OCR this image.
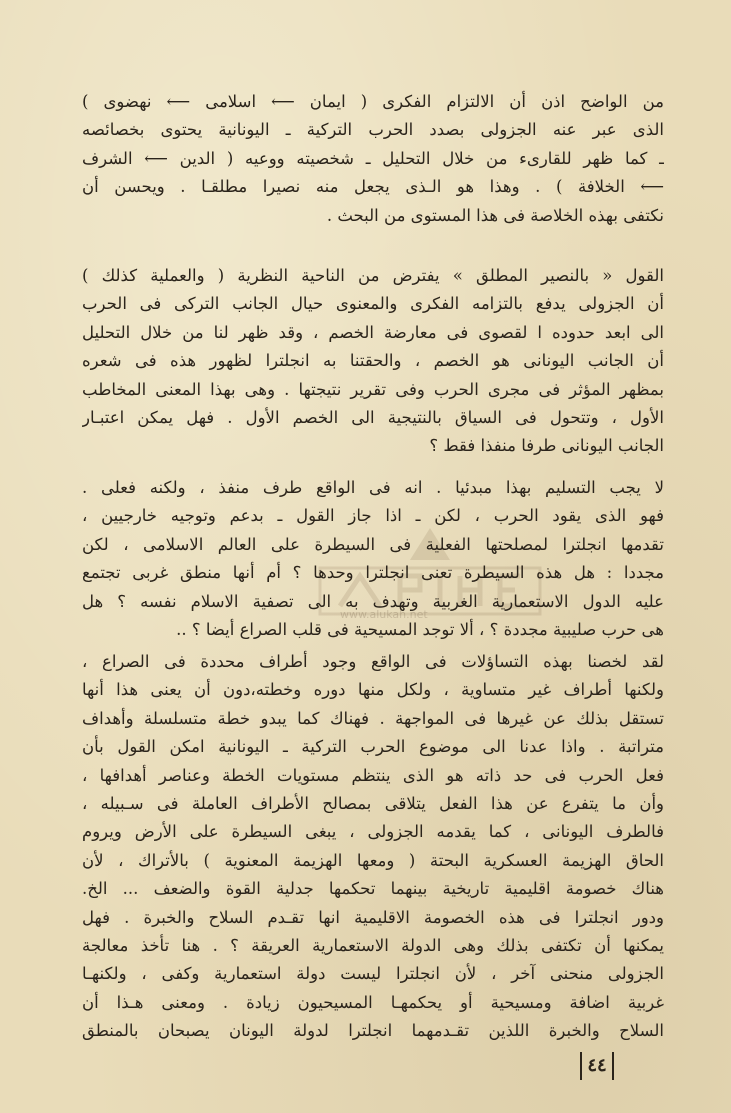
www.alukah.net
من الواضح اذن أن الالتزام الفكرى ( ايمان ⟵ اسلامى ⟵ نهضوى )
الذى عبر عنه الجزولى بصدد الحرب التركية ـ اليونانية يحتوى بخصائصه
ـ كما ظهر للقارىء من خلال التحليل ـ شخصيته ووعيه ( الدين ⟵ الشرف
⟵ الخلافة ) . وهذا هو الـذى يجعل منه نصيرا مطلقـا . ويحسن أن
نكتفى بهذه الخلاصة فى هذا المستوى من البحث .
القول « بالنصير المطلق » يفترض من الناحية النظرية ( والعملية كذلك )
أن الجزولى يدفع بالتزامه الفكرى والمعنوى حيال الجانب التركى فى الحرب
الى ابعد حدوده ا لقصوى فى معارضة الخصم ، وقد ظهر لنا من خلال التحليل
أن الجانب اليونانى هو الخصم ، والحقتنا به انجلترا لظهور هذه فى شعره
بمظهر المؤثر فى مجرى الحرب وفى تقرير نتيجتها . وهى بهذا المعنى المخاطب
الأول ، وتتحول فى السياق بالنتيجية الى الخصم الأول . فهل يمكن اعتبـار
الجانب اليونانى طرفا منفذا فقط ؟
لا يجب التسليم بهذا مبدئيا . انه فى الواقع طرف منفذ ، ولكنه فعلى .
فهو الذى يقود الحرب ، لكن ـ اذا جاز القول ـ بدعم وتوجيه خارجيين ،
تقدمها انجلترا لمصلحتها الفعلية فى السيطرة على العالم الاسلامى ، لكن
مجددا : هل هذه السيطرة تعنى انجلترا وحدها ؟ أم أنها منطق غربى تجتمع
عليه الدول الاستعمارية الغربية وتهدف به الى تصفية الاسلام نفسه ؟ هل
هى حرب صليبية مجددة ؟ ، ألا توجد المسيحية فى قلب الصراع أيضا ؟ ..
لقد لخصنا بهذه التساؤلات فى الواقع وجود أطراف محددة فى الصراع ،
ولكنها أطراف غير متساوية ، ولكل منها دوره وخطته،دون أن يعنى هذا أنها
تستقل بذلك عن غيرها فى المواجهة . فهناك كما يبدو خطة متسلسلة وأهداف
متراتبة . واذا عدنا الى موضوع الحرب التركية ـ اليونانية امكن القول بأن
فعل الحرب فى حد ذاته هو الذى ينتظم مستويات الخطة وعناصر أهدافها ،
وأن ما يتفرع عن هذا الفعل يتلاقى بمصالح الأطراف العاملة فى سـبيله ،
فالطرف اليونانى ، كما يقدمه الجزولى ، يبغى السيطرة على الأرض ويروم
الحاق الهزيمة العسكرية البحتة ( ومعها الهزيمة المعنوية ) بالأتراك ، لأن
هناك خصومة اقليمية تاريخية بينهما تحكمها جدلية القوة والضعف ... الخ.
ودور انجلترا فى هذه الخصومة الاقليمية انها تقـدم السلاح والخبرة . فهل
يمكنها أن تكتفى بذلك وهى الدولة الاستعمارية العريقة ؟ . هنا تأخذ معالجة
الجزولى منحنى آخر ، لأن انجلترا ليست دولة استعمارية وكفى ، ولكنهـا
غربية اضافة ومسيحية أو يحكمهـا المسيحيون زيادة . ومعنى هـذا أن
السلاح والخبرة اللذين تقـدمهما انجلترا لدولة اليونان يصبحان بالمنطق
٤٤
